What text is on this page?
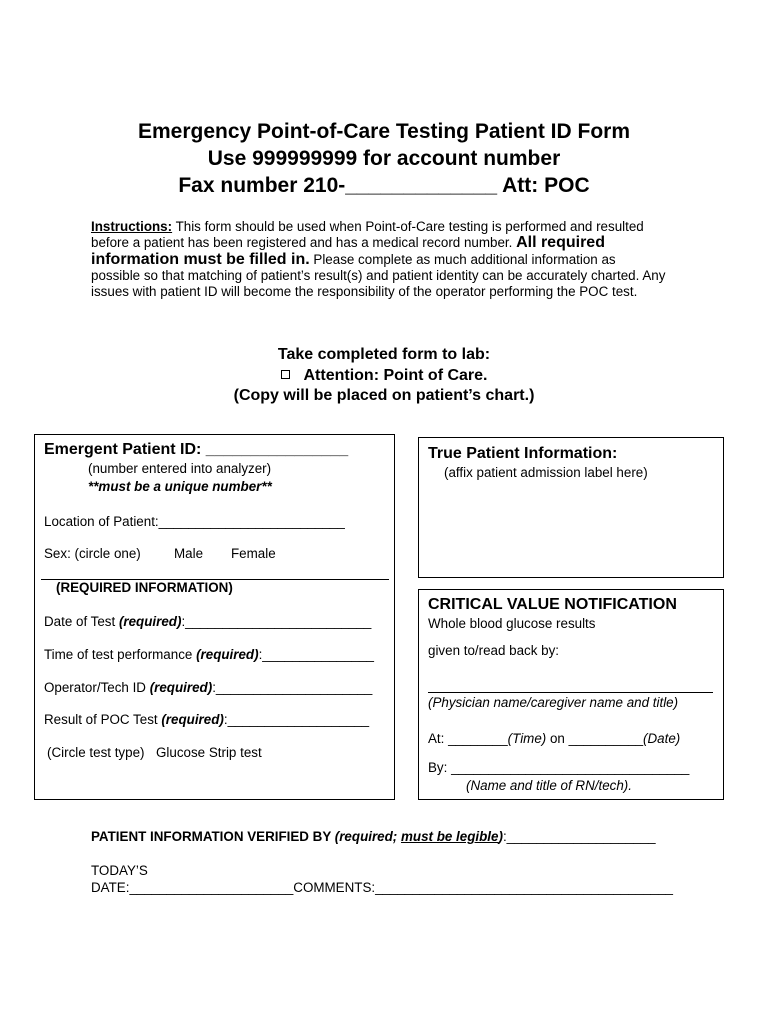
Emergency Point-of-Care Testing Patient ID Form
Use 999999999 for account number
Fax number 210-_____________ Att: POC
Instructions: This form should be used when Point-of-Care testing is performed and resulted before a patient has been registered and has a medical record number. All required information must be filled in. Please complete as much additional information as possible so that matching of patient’s result(s) and patient identity can be accurately charted. Any issues with patient ID will become the responsibility of the operator performing the POC test.
Take completed form to lab:
Attention: Point of Care.
(Copy will be placed on patient’s chart.)
Emergent Patient ID: ________________
(number entered into analyzer)
**must be a unique number**
Location of Patient:_________________________
Sex: (circle one) Male Female
(REQUIRED INFORMATION)
Date of Test (required):_________________________
Time of test performance (required):_______________
Operator/Tech ID (required):_____________________
Result of POC Test (required):___________________
(Circle test type) Glucose Strip test
True Patient Information:
(affix patient admission label here)
CRITICAL VALUE NOTIFICATION
Whole blood glucose results
given to/read back by:
(Physician name/caregiver name and title)
At: ________(Time) on __________(Date)
By: ________________________________
(Name and title of RN/tech).
PATIENT INFORMATION VERIFIED BY (required; must be legible):____________________
TODAY’S
DATE:______________________COMMENTS:________________________________________
